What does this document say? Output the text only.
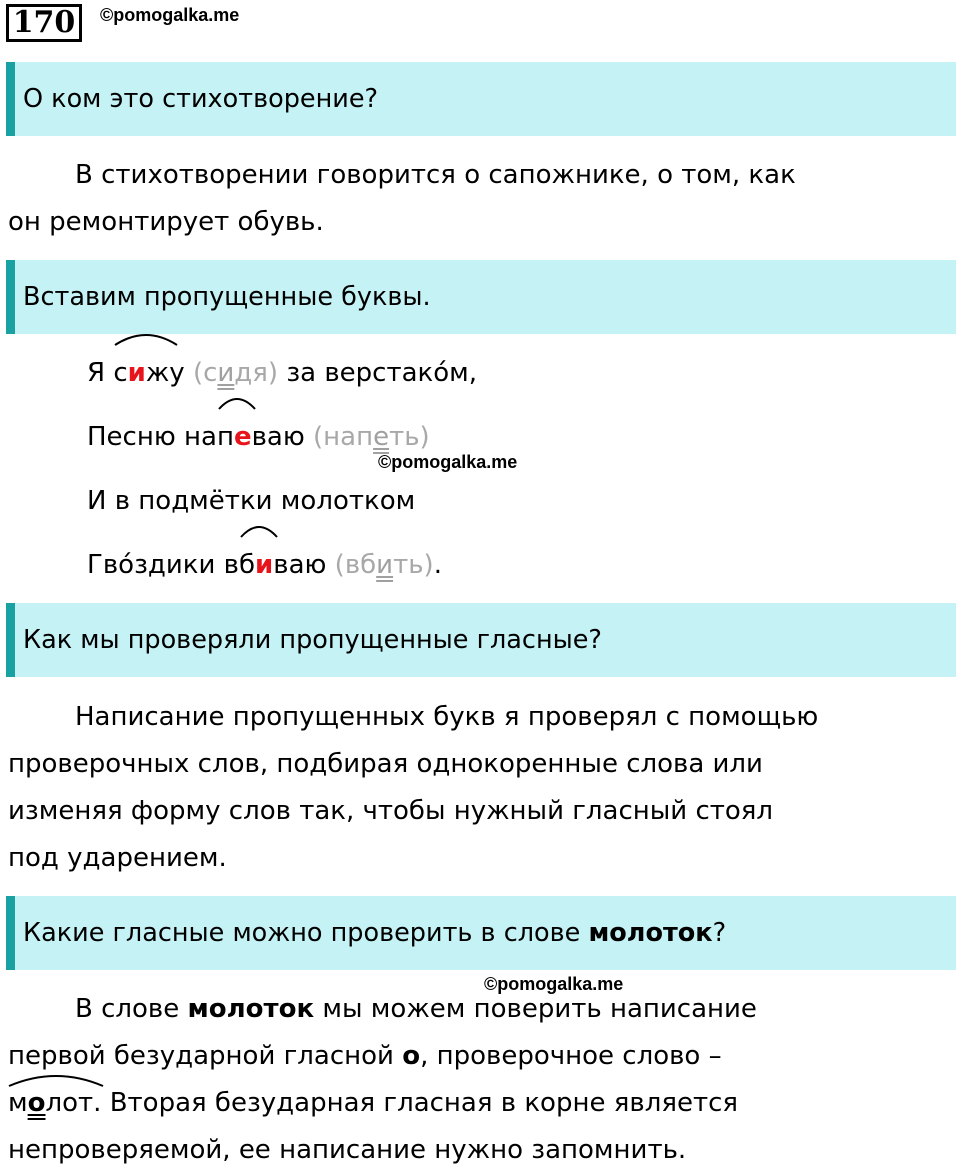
170	©pomogalka.me
О ком это стихотворение?
В стихотворении говорится о сапожнике, о том, как
он ремонтирует обувь.
Вставим пропущенные буквы.
Я
сижу (сидя) за верстако́м,
Песню на
певаю (напеть)
И в подмётки молотком
Гво́здики в
биваю (вбить).
©pomogalka.me
Как мы проверяли пропущенные гласные?
Написание пропущенных букв я проверял с помощью
проверочных слов, подбирая однокоренные слова или
изменяя форму слов так, чтобы нужный гласный стоял
под ударением.
Какие гласные можно проверить в слове молоток?
©pomogalka.me
В слове молоток мы можем поверить написание
первой безударной гласной о, проверочное слово –
молот. Вторая безударная гласная в корне является
непроверяемой, ее написание нужно запомнить.
